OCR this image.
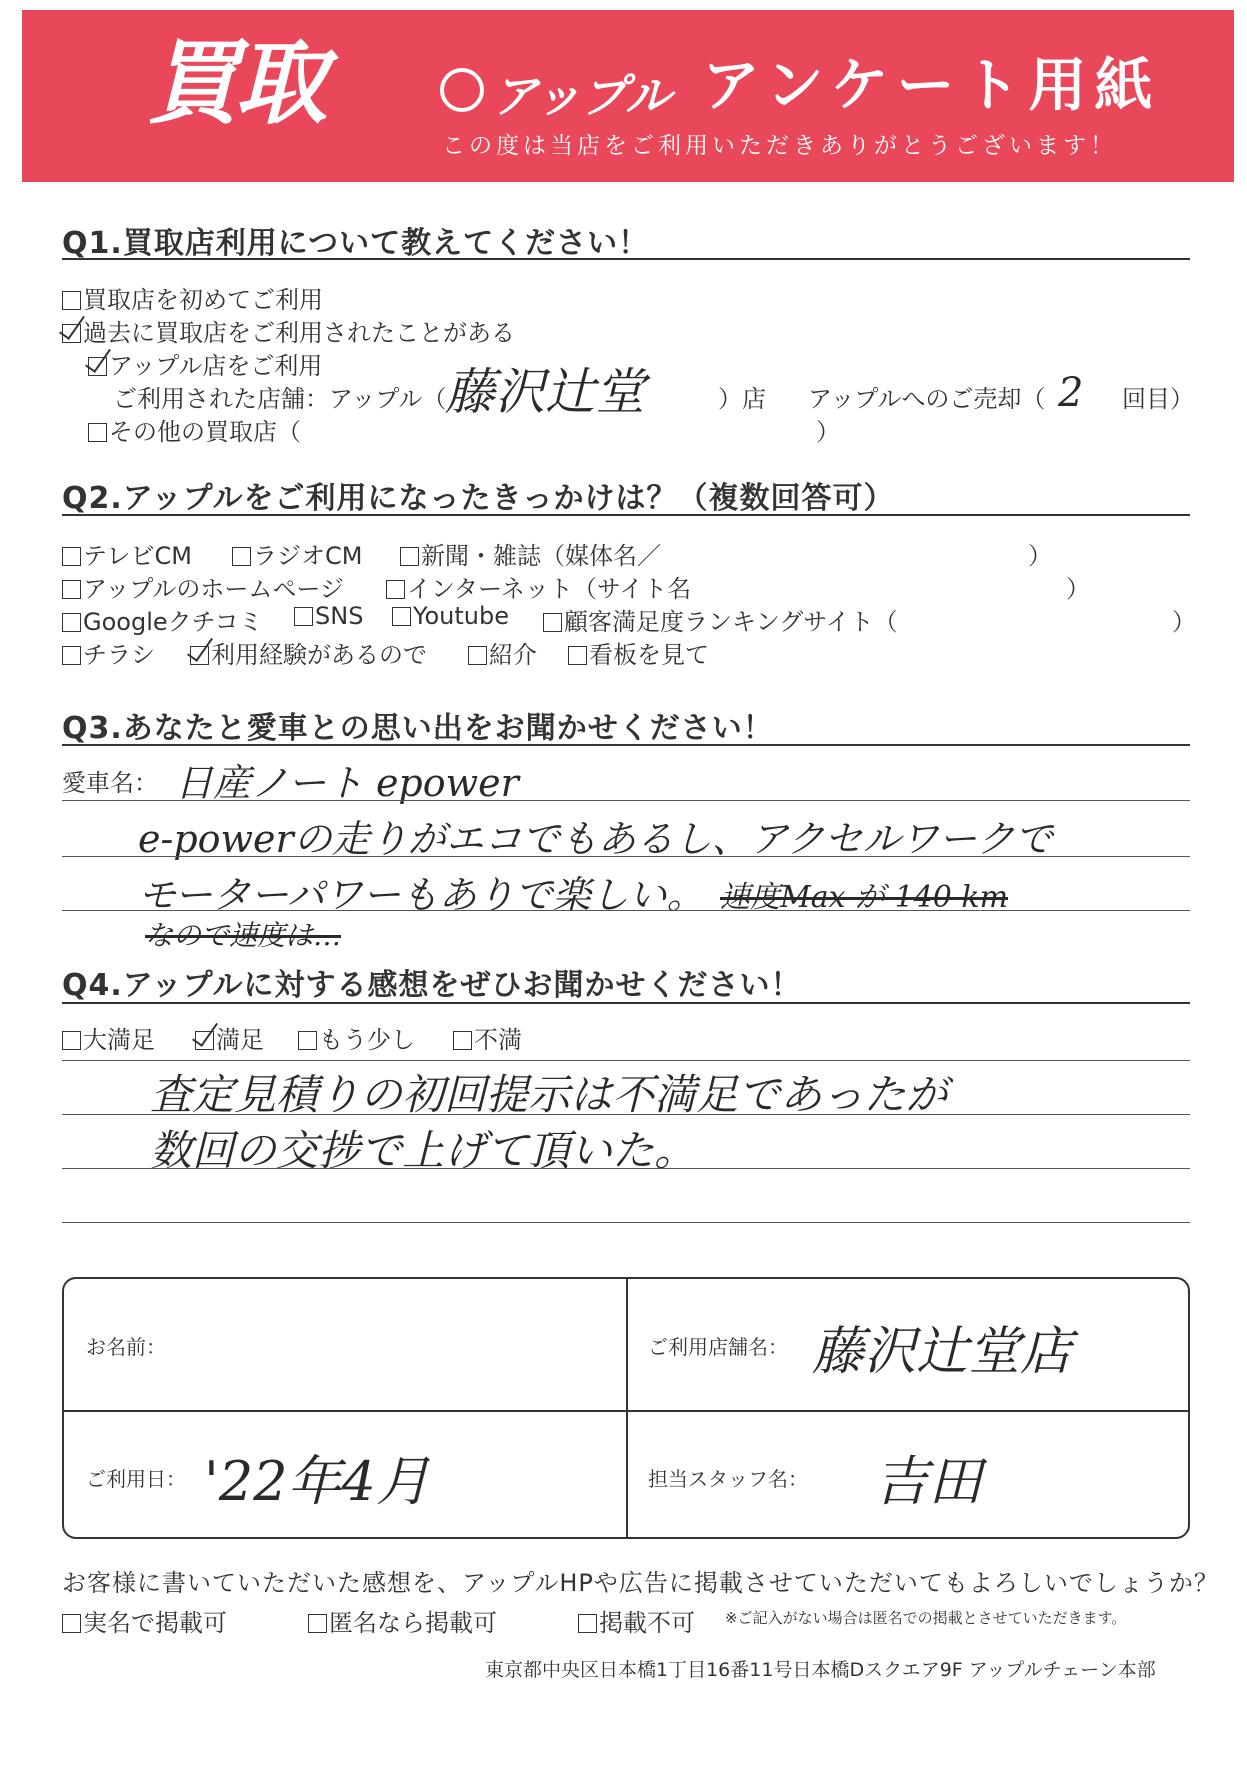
買取	アップル アンケート用紙
この度は当店をご利用いただきありがとうございます！
Q1.買取店利用について教えてください！
買取店を初めてご利用
過去に買取店をご利用されたことがある
アップル店をご利用
ご利用された店舗：アップル（
藤沢辻堂	）店 アップルへのご売却（ 2 回目）
その他の買取店（	）
Q2.アップルをご利用になったきっかけは？（複数回答可）
テレビCM	ラジオCM	新聞・雑誌（媒体名／	）
アップルのホームページ	インターネット（サイト名	）
Googleクチコミ	SNS	Youtube	顧客満足度ランキングサイト（	）
チラシ	利用経験があるので	紹介	看板を見て
Q3.あなたと愛車との思い出をお聞かせください！
愛車名： 日産ノート epower
e-powerの走りがエコでもあるし、アクセルワークで
モーターパワーもありで楽しい。 速度Max が 140 km
なので速度は…
Q4.アップルに対する感想をぜひお聞かせください！
大満足	満足	もう少し	不満
査定見積りの初回提示は不満足であったが
数回の交捗で上げて頂いた。
お名前：	ご利用店舗名： 藤沢辻堂店
ご利用日： '22年4月	担当スタッフ名： 吉田
お客様に書いていただいた感想を、アップルHPや広告に掲載させていただいてもよろしいでしょうか？
実名で掲載可	匿名なら掲載可	掲載不可 ※ご記入がない場合は匿名での掲載とさせていただきます。
東京都中央区日本橋1丁目16番11号日本橋Dスクエア9F アップルチェーン本部
